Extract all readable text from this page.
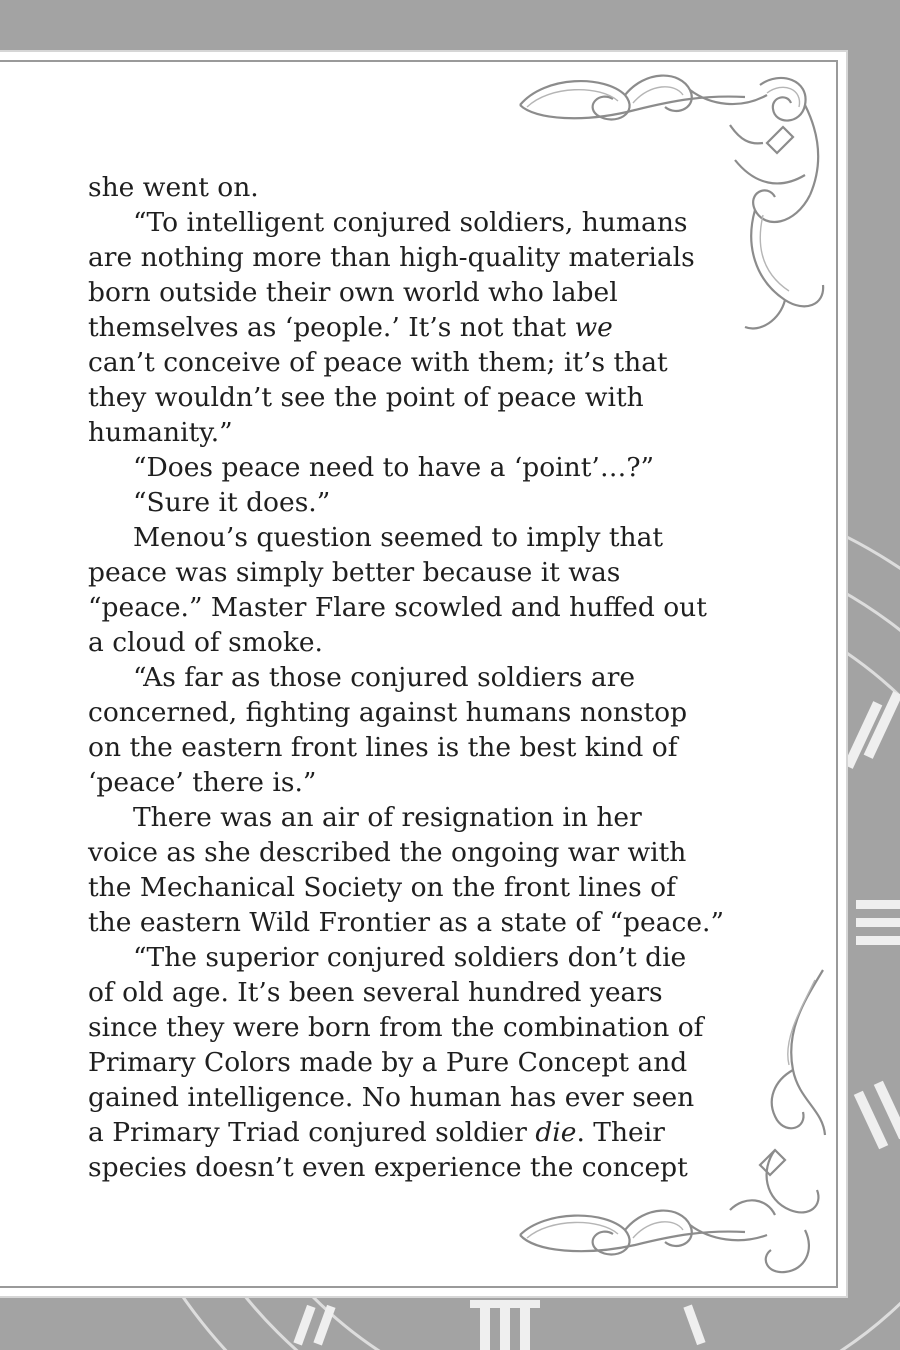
she went on.

“To intelligent conjured soldiers, humans

are nothing more than high-quality materials

born outside their own world who label

themselves as ‘people.’ It’s not that we

can’t conceive of peace with them; it’s that

they wouldn’t see the point of peace with

humanity.”

“Does peace need to have a ‘point’…?”

“Sure it does.”

Menou’s question seemed to imply that

peace was simply better because it was

“peace.” Master Flare scowled and huffed out

a cloud of smoke.

“As far as those conjured soldiers are

concerned, fighting against humans nonstop

on the eastern front lines is the best kind of

‘peace’ there is.”

There was an air of resignation in her

voice as she described the ongoing war with

the Mechanical Society on the front lines of

the eastern Wild Frontier as a state of “peace.”

“The superior conjured soldiers don’t die

of old age. It’s been several hundred years

since they were born from the combination of

Primary Colors made by a Pure Concept and

gained intelligence. No human has ever seen

a Primary Triad conjured soldier die. Their

species doesn’t even experience the concept
